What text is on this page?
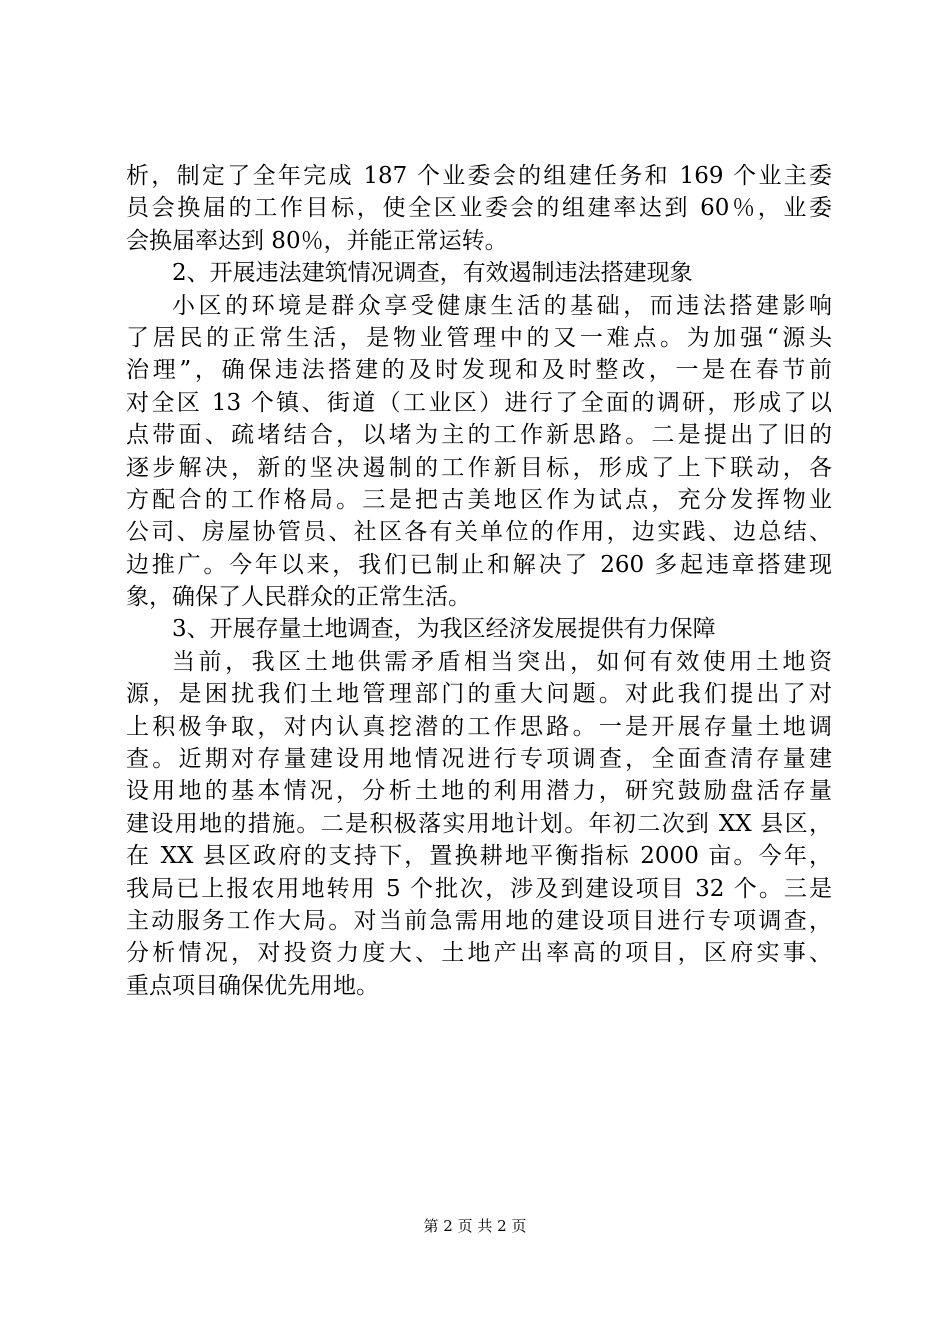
析，制定了全年完成 187 个业委会的组建任务和 169 个业主委
员会换届的工作目标，使全区业委会的组建率达到 60％，业委
会换届率达到 80％，并能正常运转。
2、开展违法建筑情况调查，有效遏制违法搭建现象
小区的环境是群众享受健康生活的基础，而违法搭建影响
了居民的正常生活，是物业管理中的又一难点。为加强“源头
治理”，确保违法搭建的及时发现和及时整改，一是在春节前
对全区 13 个镇、街道（工业区）进行了全面的调研，形成了以
点带面、疏堵结合，以堵为主的工作新思路。二是提出了旧的
逐步解决，新的坚决遏制的工作新目标，形成了上下联动，各
方配合的工作格局。三是把古美地区作为试点，充分发挥物业
公司、房屋协管员、社区各有关单位的作用，边实践、边总结、
边推广。今年以来，我们已制止和解决了 260 多起违章搭建现
象，确保了人民群众的正常生活。
3、开展存量土地调查，为我区经济发展提供有力保障
当前，我区土地供需矛盾相当突出，如何有效使用土地资
源，是困扰我们土地管理部门的重大问题。对此我们提出了对
上积极争取，对内认真挖潜的工作思路。一是开展存量土地调
查。近期对存量建设用地情况进行专项调查，全面查清存量建
设用地的基本情况，分析土地的利用潜力，研究鼓励盘活存量
建设用地的措施。二是积极落实用地计划。年初二次到 XX 县区，
在 XX 县区政府的支持下，置换耕地平衡指标 2000 亩。今年，
我局已上报农用地转用 5 个批次，涉及到建设项目 32 个。三是
主动服务工作大局。对当前急需用地的建设项目进行专项调查，
分析情况，对投资力度大、土地产出率高的项目，区府实事、
重点项目确保优先用地。
第 2 页 共 2 页
